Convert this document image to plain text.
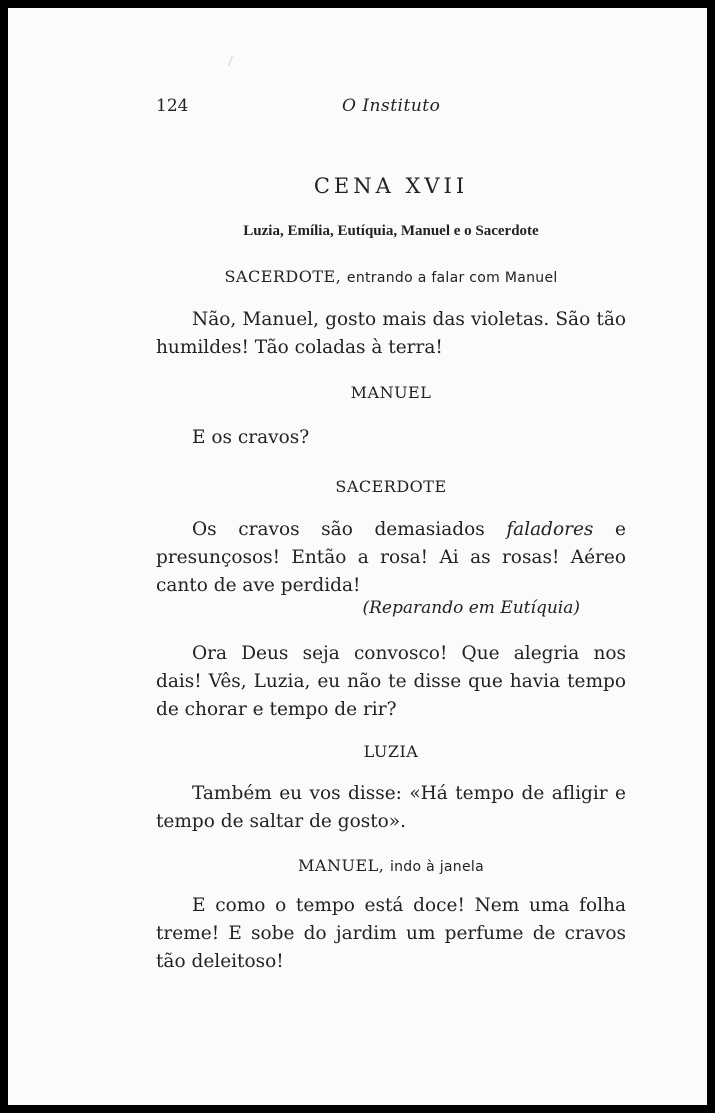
124	O Instituto
CENA XVII
Luzia, Emília, Eutíquia, Manuel e o Sacerdote
SACERDOTE, entrando a falar com Manuel

Não, Manuel, gosto mais das violetas. São tão humildes! Tão coladas à terra!

MANUEL

E os cravos?

SACERDOTE

Os cravos são demasiados faladores e presunçosos! Então a rosa! Ai as rosas! Aéreo canto de ave perdida!

(Reparando em Eutíquia)

Ora Deus seja convosco! Que alegria nos dais! Vês, Luzia, eu não te disse que havia tempo de chorar e tempo de rir?

LUZIA

Também eu vos disse: «Há tempo de afligir e tempo de saltar de gosto».

MANUEL, indo à janela

E como o tempo está doce! Nem uma folha treme! E sobe do jardim um perfume de cravos tão deleitoso!
